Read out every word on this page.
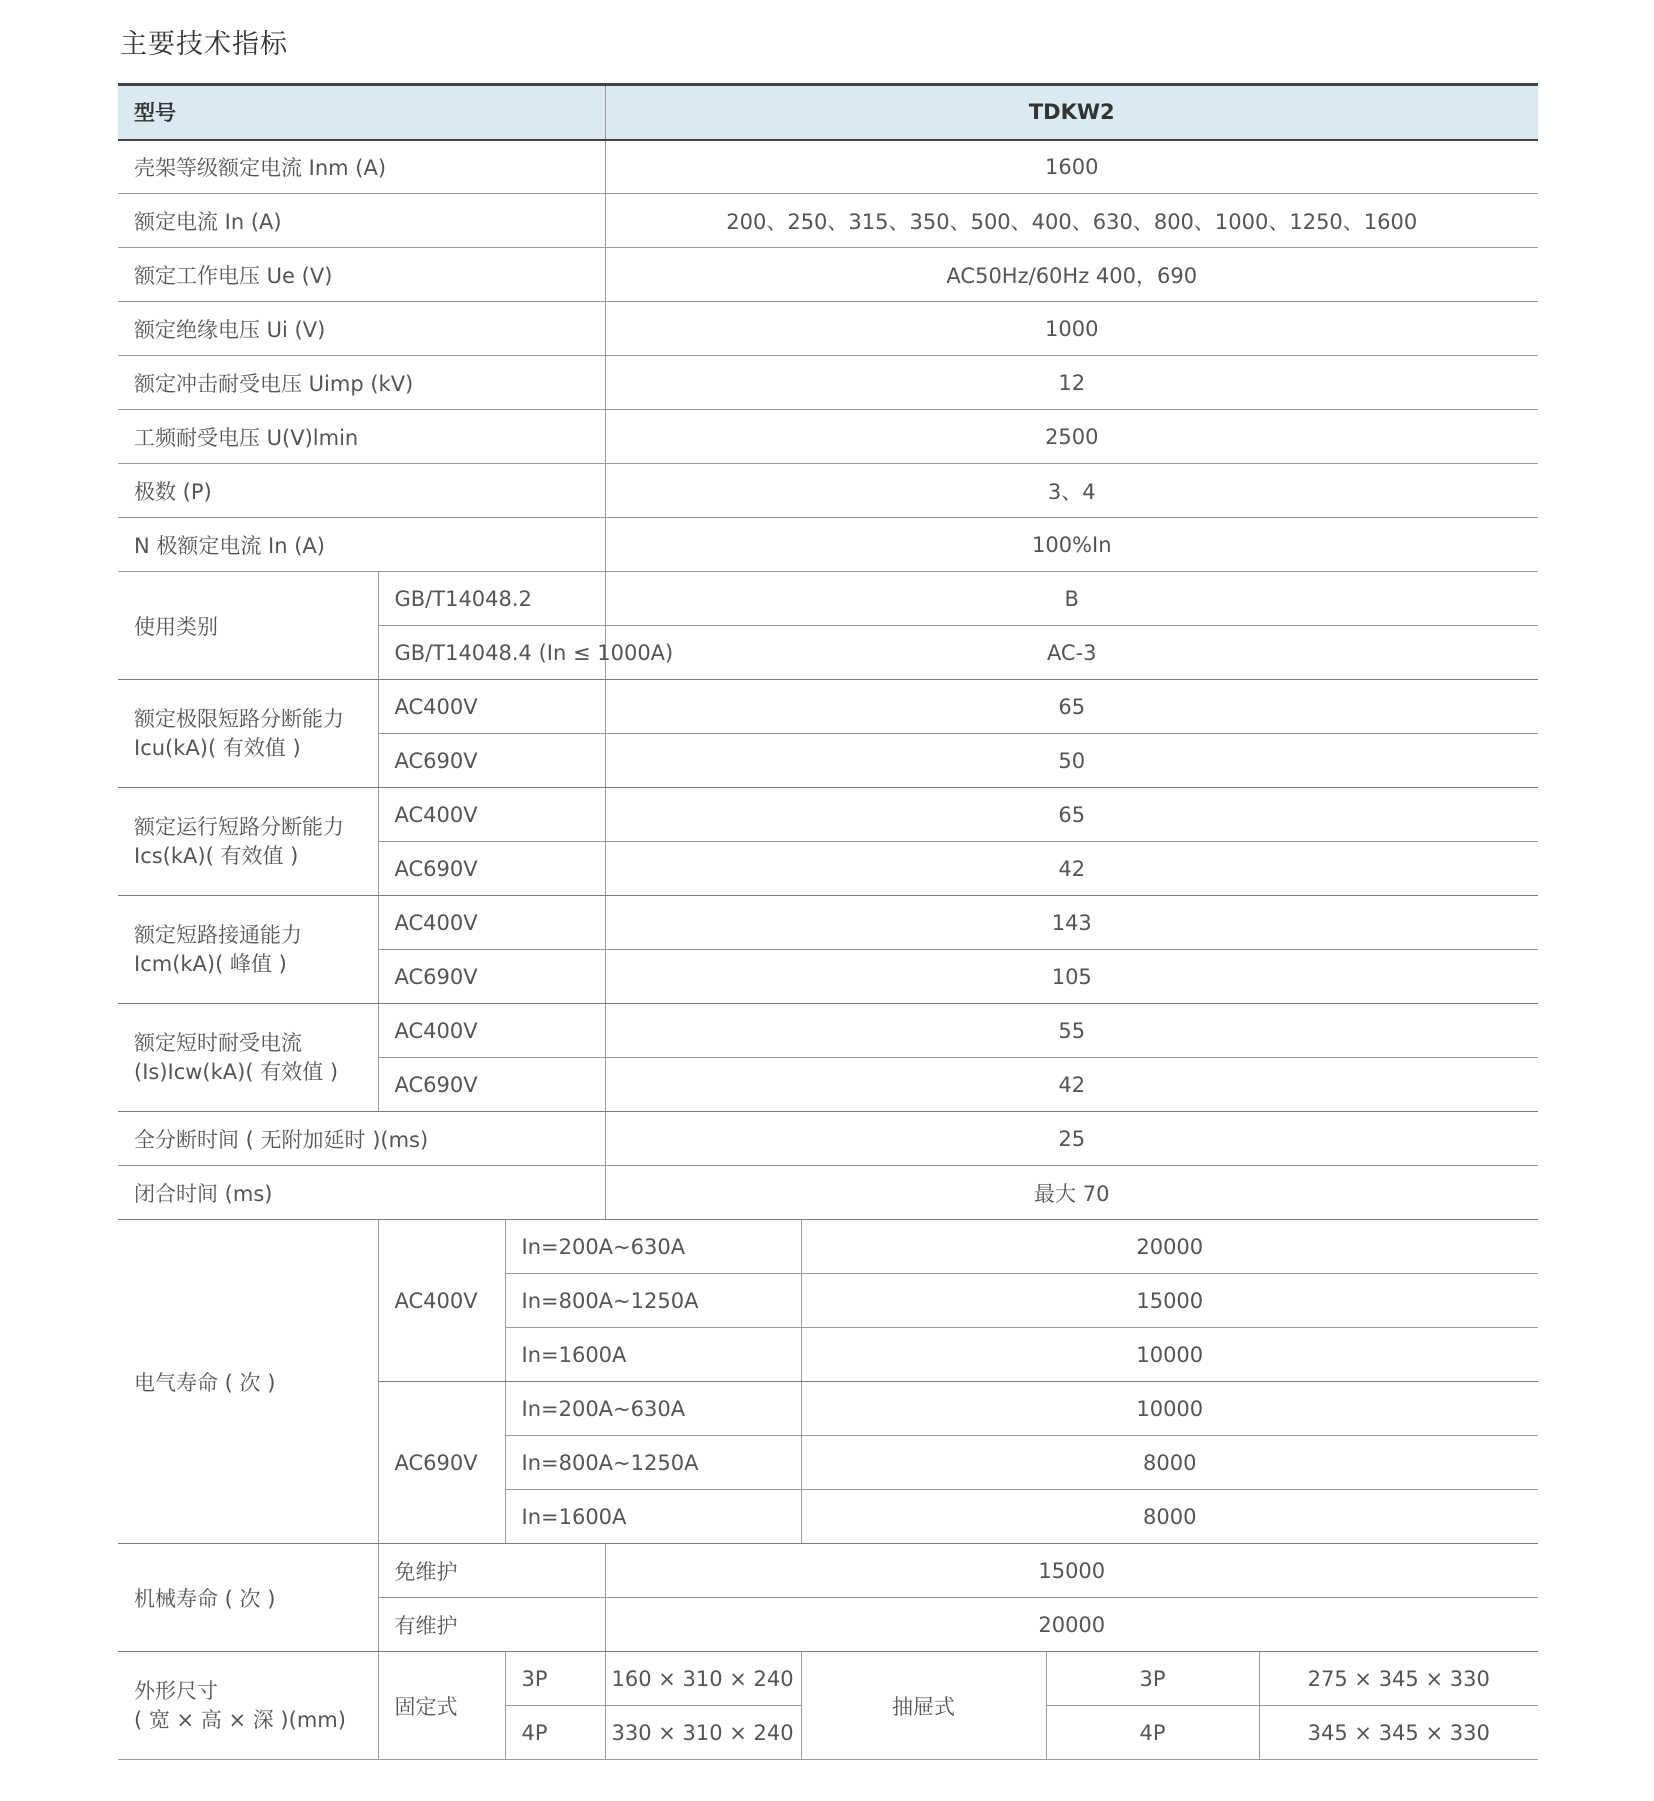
主要技术指标
型号			TDKW2			
壳架等级额定电流 Inm (A)			1600			
额定电流 In (A)			200、250、315、350、500、400、630、800、1000、1250、1600			
额定工作电压 Ue (V)			AC50Hz/60Hz 400，690			
额定绝缘电压 Ui (V)			1000			
额定冲击耐受电压 Uimp (kV)			12			
工频耐受电压 U(V)lmin			2500			
极数 (P)			3、4			
N 极额定电流 In (A)			100%In			
使用类别	GB/T14048.2		B			
	GB/T14048.4 (In ≤ 1000A)		AC-3			

额定极限短路分断能力
Icu(kA)( 有效值 )	AC400V		65			
	AC690V		50			

额定运行短路分断能力
Ics(kA)( 有效值 )	AC400V		65			
	AC690V		42			

额定短路接通能力
Icm(kA)( 峰值 )	AC400V		143			
	AC690V		105			

额定短时耐受电流
(Is)Icw(kA)( 有效值 )	AC400V		55			
	AC690V		42			
全分断时间 ( 无附加延时 )(ms)			25			
闭合时间 (ms)			最大 70			
电气寿命 ( 次 )	AC400V	In=200A~630A		20000		
		In=800A~1250A		15000		
		In=1600A		10000		
	AC690V	In=200A~630A		10000		
		In=800A~1250A		8000		
		In=1600A		8000		
机械寿命 ( 次 )	免维护		15000			
	有维护		20000			

外形尺寸
( 宽 × 高 × 深 )(mm)	固定式	3P	160 × 310 × 240	抽屉式	3P	275 × 345 × 330
		4P	330 × 310 × 240		4P	345 × 345 × 330
